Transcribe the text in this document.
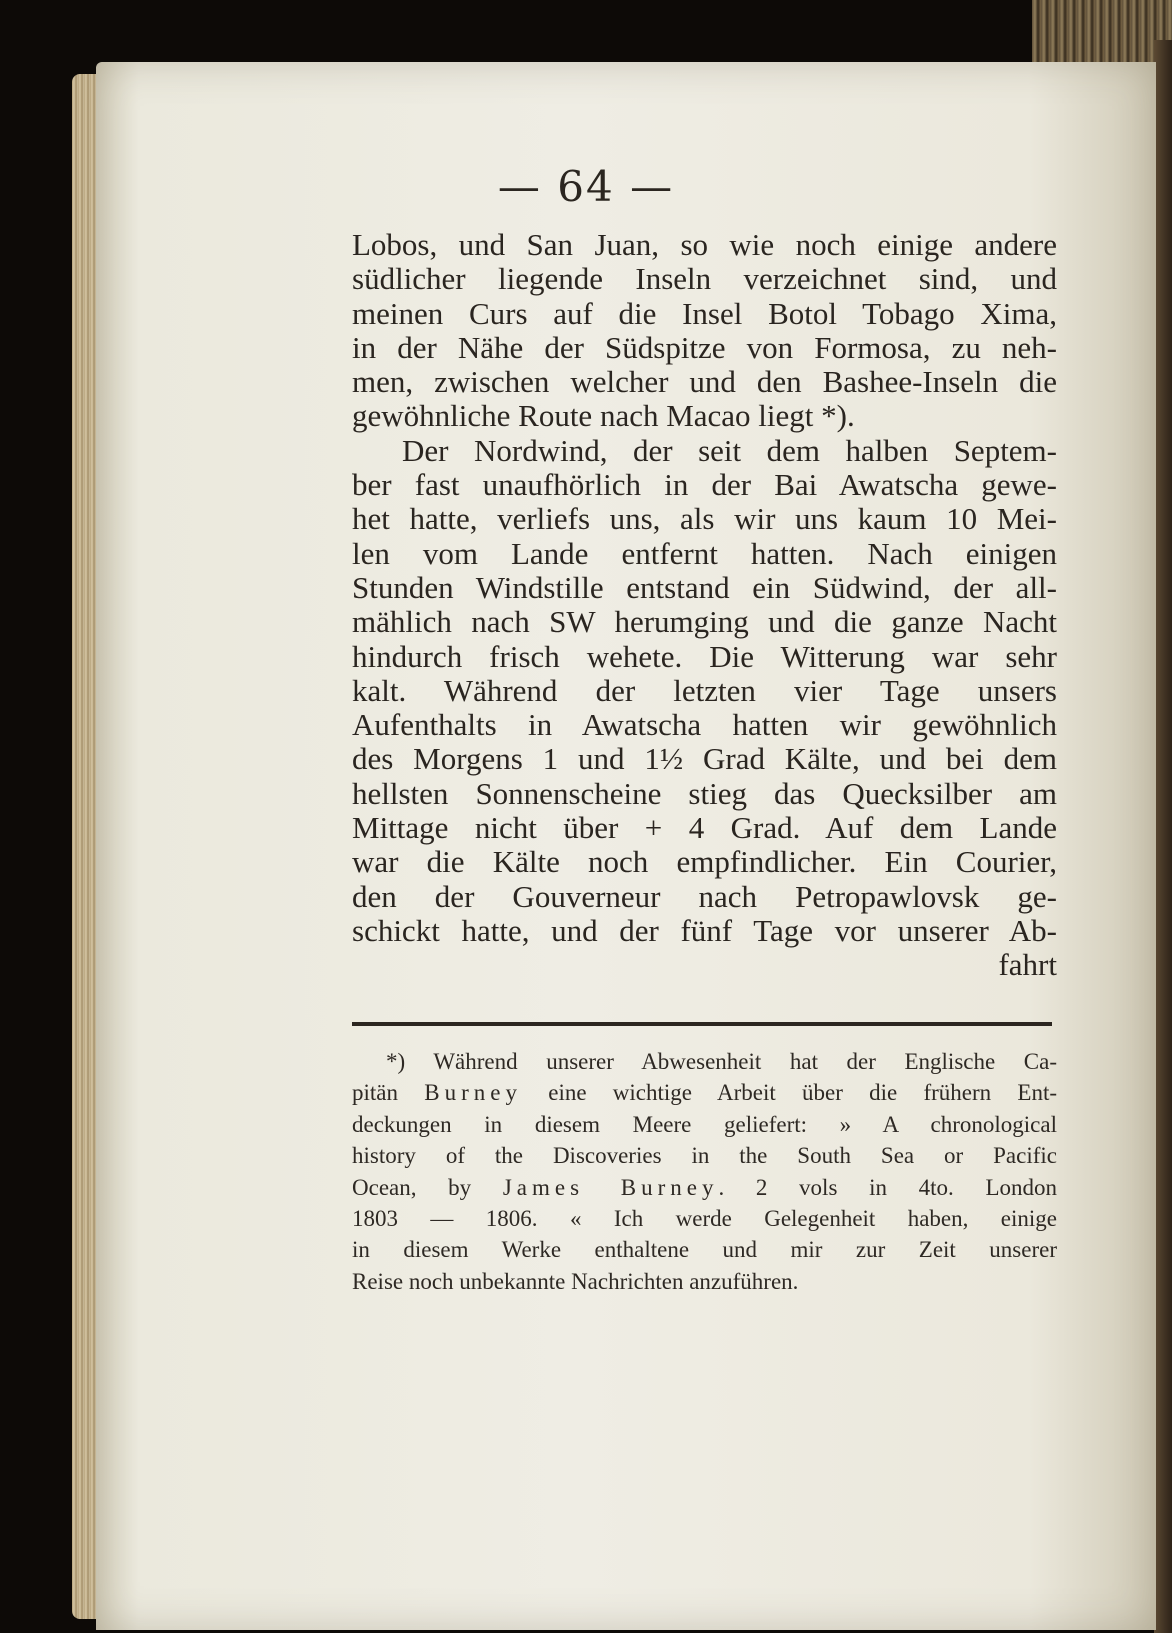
— 64 —

Lobos, und San Juan, so wie noch einige andere
südlicher liegende Inseln verzeichnet sind, und
meinen Curs auf die Insel Botol Tobago Xima,
in der Nähe der Südspitze von Formosa, zu neh-
men, zwischen welcher und den Bashee-Inseln die
gewöhnliche Route nach Macao liegt *).
Der Nordwind, der seit dem halben Septem-
ber fast unaufhörlich in der Bai Awatscha gewe-
het hatte, verliefs uns, als wir uns kaum 10 Mei-
len vom Lande entfernt hatten. Nach einigen
Stunden Windstille entstand ein Südwind, der all-
mählich nach SW herumging und die ganze Nacht
hindurch frisch wehete. Die Witterung war sehr
kalt. Während der letzten vier Tage unsers
Aufenthalts in Awatscha hatten wir gewöhnlich
des Morgens 1 und 1½ Grad Kälte, und bei dem
hellsten Sonnenscheine stieg das Quecksilber am
Mittage nicht über + 4 Grad. Auf dem Lande
war die Kälte noch empfindlicher. Ein Courier,
den der Gouverneur nach Petropawlovsk ge-
schickt hatte, und der fünf Tage vor unserer Ab-
fahrt
*) Während unserer Abwesenheit hat der Englische Ca-
pitän Burney eine wichtige Arbeit über die frühern Ent-
deckungen in diesem Meere geliefert: » A chronological
history of the Discoveries in the South Sea or Pacific
Ocean, by James Burney. 2 vols in 4to. London
1803 — 1806. « Ich werde Gelegenheit haben, einige
in diesem Werke enthaltene und mir zur Zeit unserer
Reise noch unbekannte Nachrichten anzuführen.
